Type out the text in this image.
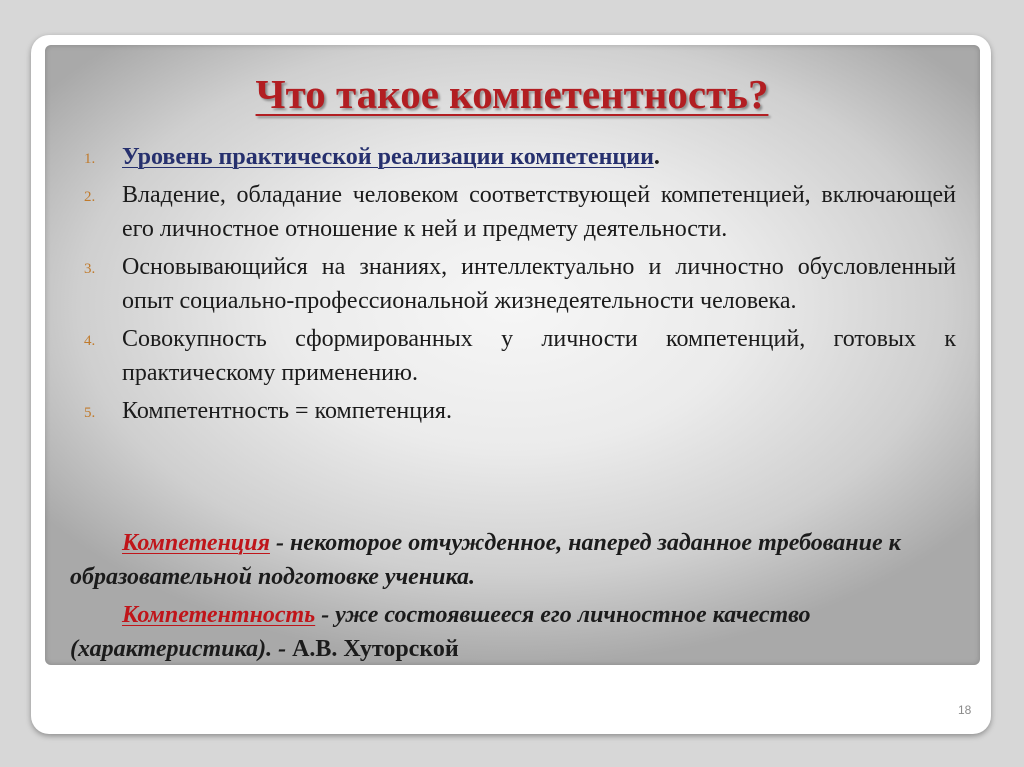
Что такое компетентность?
1. Уровень практической реализации компетенции.
2. Владение, обладание человеком соответствующей компетенцией, включающей его личностное отношение к ней и предмету деятельности.
3. Основывающийся на знаниях, интеллектуально и личностно обусловленный опыт социально-профессиональной жизнедеятельности человека.
4. Совокупность сформированных у личности компетенций, готовых к практическому применению.
5. Компетентность = компетенция.
Компетенция - некоторое отчужденное, наперед заданное требование к образовательной подготовке ученика.
Компетентность - уже состоявшееся его личностное качество (характеристика). - А.В. Хуторской
18
